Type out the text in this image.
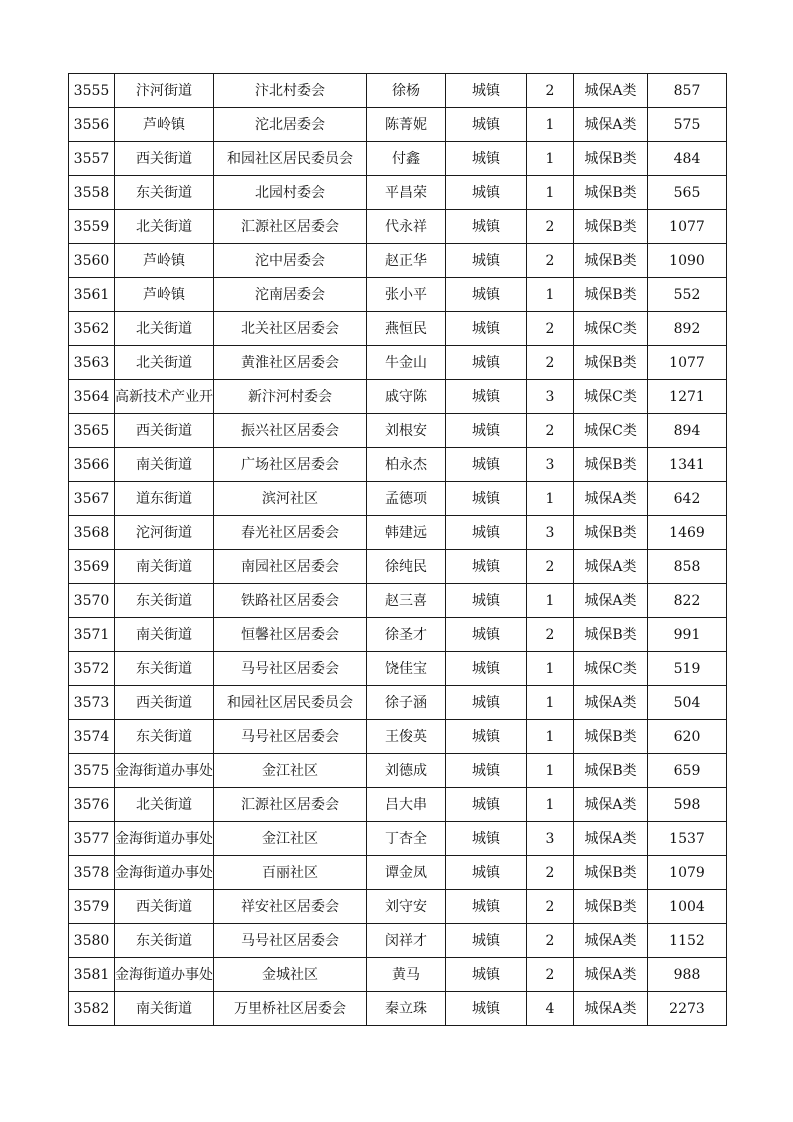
3555	汴河街道	汴北村委会	徐杨	城镇	2	城保A类	857
3556	芦岭镇	沱北居委会	陈菁妮	城镇	1	城保A类	575
3557	西关街道	和园社区居民委员会	付鑫	城镇	1	城保B类	484
3558	东关街道	北园村委会	平昌荣	城镇	1	城保B类	565
3559	北关街道	汇源社区居委会	代永祥	城镇	2	城保B类	1077
3560	芦岭镇	沱中居委会	赵正华	城镇	2	城保B类	1090
3561	芦岭镇	沱南居委会	张小平	城镇	1	城保B类	552
3562	北关街道	北关社区居委会	燕恒民	城镇	2	城保C类	892
3563	北关街道	黄淮社区居委会	牛金山	城镇	2	城保B类	1077
3564	高新技术产业开	新汴河村委会	戚守陈	城镇	3	城保C类	1271
3565	西关街道	振兴社区居委会	刘根安	城镇	2	城保C类	894
3566	南关街道	广场社区居委会	柏永杰	城镇	3	城保B类	1341
3567	道东街道	滨河社区	孟德项	城镇	1	城保A类	642
3568	沱河街道	春光社区居委会	韩建远	城镇	3	城保B类	1469
3569	南关街道	南园社区居委会	徐纯民	城镇	2	城保A类	858
3570	东关街道	铁路社区居委会	赵三喜	城镇	1	城保A类	822
3571	南关街道	恒馨社区居委会	徐圣才	城镇	2	城保B类	991
3572	东关街道	马号社区居委会	饶佳宝	城镇	1	城保C类	519
3573	西关街道	和园社区居民委员会	徐子涵	城镇	1	城保A类	504
3574	东关街道	马号社区居委会	王俊英	城镇	1	城保B类	620
3575	金海街道办事处	金江社区	刘德成	城镇	1	城保B类	659
3576	北关街道	汇源社区居委会	吕大串	城镇	1	城保A类	598
3577	金海街道办事处	金江社区	丁杏全	城镇	3	城保A类	1537
3578	金海街道办事处	百丽社区	谭金凤	城镇	2	城保B类	1079
3579	西关街道	祥安社区居委会	刘守安	城镇	2	城保B类	1004
3580	东关街道	马号社区居委会	闵祥才	城镇	2	城保A类	1152
3581	金海街道办事处	金城社区	黄马	城镇	2	城保A类	988
3582	南关街道	万里桥社区居委会	秦立珠	城镇	4	城保A类	2273
